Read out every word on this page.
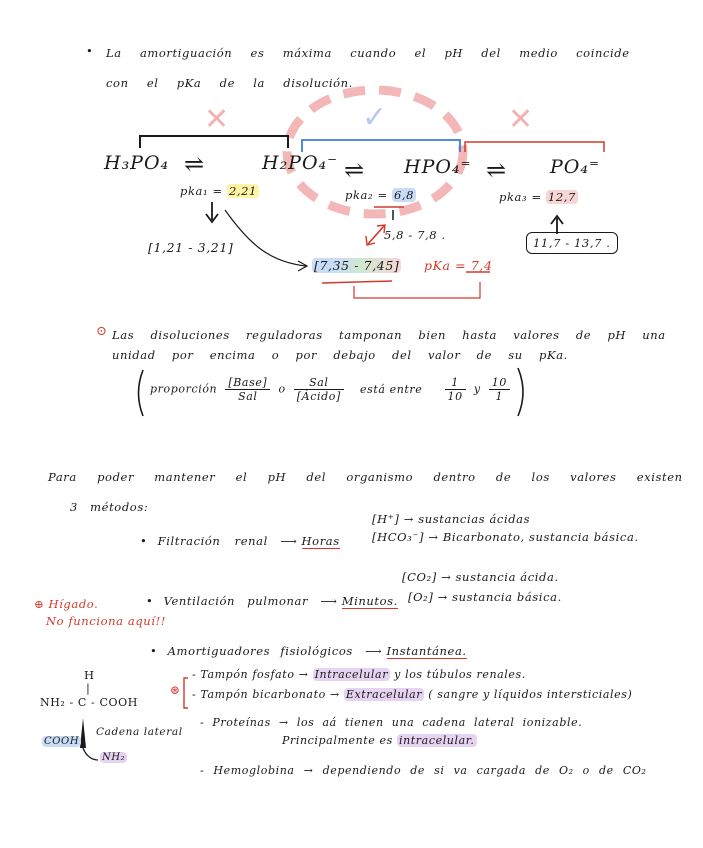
• La amortiguación es máxima cuando el pH del medio coincide
con el pKa de la disolución.
✕	✓	✕
H₃PO₄ ⇌	H₂PO₄⁻ ⇌ HPO₄⁼ ⇌ PO₄⁼
pka₁ = 2,21	pka₂ = 6,8	pka₃ = 12,7
[1,21 - 3,21]
5,8 - 7,8 .
[7,35 - 7,45] pKa = 7,4
11,7 - 13,7 .
⊙ Las disoluciones reguladoras tamponan bien hasta valores de pH una
unidad por encima o por debajo del valor de su pKa.
proporción $\frac{\text{[Base]}}{\text{Sal}}$ o $\frac{\text{Sal}}{\text{[Ácido]}}$ está entre $\frac{1}{10}$ y $\frac{10}{1}$
Para poder mantener el pH del organismo dentro de los valores existen
3 métodos:
• Filtración renal ⟶ Horas
[H⁺] → sustancias ácidas
[HCO₃⁻] → Bicarbonato, sustancia básica.
⊕ Hígado.
No funciona aquí!!
• Ventilación pulmonar ⟶ Minutos.
[CO₂] → sustancia ácida.
[O₂] → sustancia básica.
• Amortiguadores fisiológicos ⟶ Instantánea.
⊛
- Tampón fosfato → Intracelular y los túbulos renales.
- Tampón bicarbonato → Extracelular ( sangre y líquidos intersticiales)
- Proteínas → los aá tienen una cadena lateral ionizable.
Principalmente es intracelular.
- Hemoglobina → dependiendo de si va cargada de O₂ o de CO₂
H
|
NH₂ - C - COOH
COOH
Cadena lateral
NH₂
